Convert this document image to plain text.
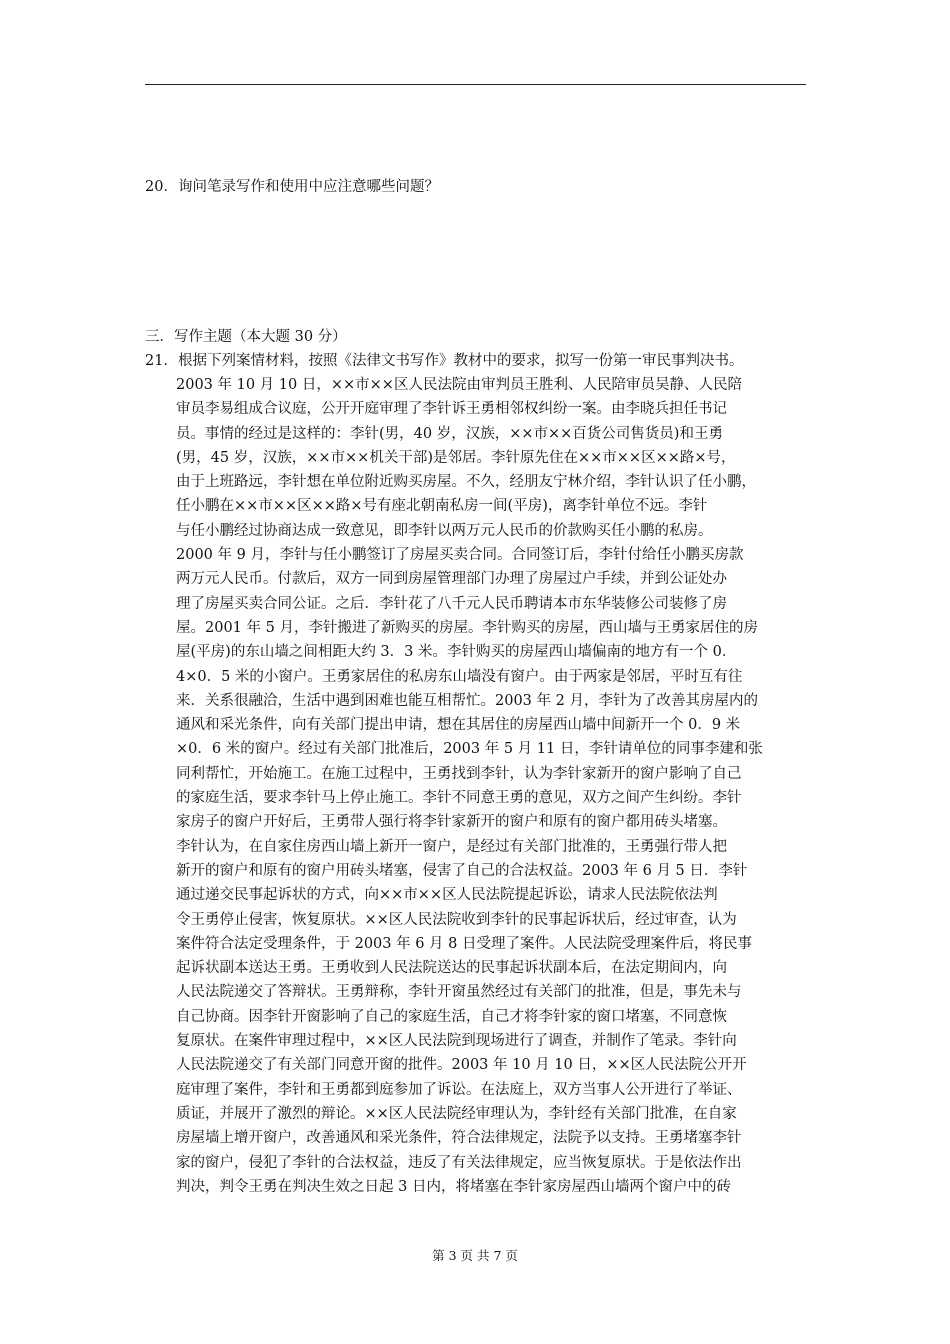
20．询问笔录写作和使用中应注意哪些问题？
三．写作主题（本大题 30 分）
21．根据下列案情材料，按照《法律文书写作》教材中的要求，拟写一份第一审民事判决书。
2003 年 10 月 10 日，××市××区人民法院由审判员王胜利、人民陪审员吴静、人民陪
审员李易组成合议庭，公开开庭审理了李针诉王勇相邻权纠纷一案。由李晓兵担任书记
员。事情的经过是这样的：李针(男，40 岁，汉族，××市××百货公司售货员)和王勇
(男，45 岁，汉族，××市××机关干部)是邻居。李针原先住在××市××区××路×号，
由于上班路远，李针想在单位附近购买房屋。不久，经朋友宁林介绍，李针认识了任小鹏，
任小鹏在××市××区××路×号有座北朝南私房一间(平房)，离李针单位不远。李针
与任小鹏经过协商达成一致意见，即李针以两万元人民币的价款购买任小鹏的私房。
2000 年 9 月，李针与任小鹏签订了房屋买卖合同。合同签订后，李针付给任小鹏买房款
两万元人民币。付款后，双方一同到房屋管理部门办理了房屋过户手续，并到公证处办
理了房屋买卖合同公证。之后．李针花了八千元人民币聘请本市东华装修公司装修了房
屋。2001 年 5 月，李针搬进了新购买的房屋。李针购买的房屋，西山墙与王勇家居住的房
屋(平房)的东山墙之间相距大约 3．3 米。李针购买的房屋西山墙偏南的地方有一个 0．
4×0．5 米的小窗户。王勇家居住的私房东山墙没有窗户。由于两家是邻居，平时互有往
来．关系很融洽，生活中遇到困难也能互相帮忙。2003 年 2 月，李针为了改善其房屋内的
通风和采光条件，向有关部门提出申请，想在其居住的房屋西山墙中间新开一个 0．9 米
×0．6 米的窗户。经过有关部门批准后，2003 年 5 月 11 日，李针请单位的同事李建和张
同利帮忙，开始施工。在施工过程中，王勇找到李针，认为李针家新开的窗户影响了自己
的家庭生活，要求李针马上停止施工。李针不同意王勇的意见，双方之间产生纠纷。李针
家房子的窗户开好后，王勇带人强行将李针家新开的窗户和原有的窗户都用砖头堵塞。
李针认为，在自家住房西山墙上新开一窗户，是经过有关部门批准的，王勇强行带人把
新开的窗户和原有的窗户用砖头堵塞，侵害了自己的合法权益。2003 年 6 月 5 日．李针
通过递交民事起诉状的方式，向××市××区人民法院提起诉讼，请求人民法院依法判
令王勇停止侵害，恢复原状。××区人民法院收到李针的民事起诉状后，经过审查，认为
案件符合法定受理条件，于 2003 年 6 月 8 日受理了案件。人民法院受理案件后，将民事
起诉状副本送达王勇。王勇收到人民法院送达的民事起诉状副本后，在法定期间内，向
人民法院递交了答辩状。王勇辩称，李针开窗虽然经过有关部门的批准，但是，事先未与
自己协商。因李针开窗影响了自己的家庭生活，自己才将李针家的窗口堵塞，不同意恢
复原状。在案件审理过程中，××区人民法院到现场进行了调查，并制作了笔录。李针向
人民法院递交了有关部门同意开窗的批件。2003 年 10 月 10 日，××区人民法院公开开
庭审理了案件，李针和王勇都到庭参加了诉讼。在法庭上，双方当事人公开进行了举证、
质证，并展开了激烈的辩论。××区人民法院经审理认为，李针经有关部门批准，在自家
房屋墙上增开窗户，改善通风和采光条件，符合法律规定，法院予以支持。王勇堵塞李针
家的窗户，侵犯了李针的合法权益，违反了有关法律规定，应当恢复原状。于是依法作出
判决，判令王勇在判决生效之日起 3 日内，将堵塞在李针家房屋西山墙两个窗户中的砖
第 3 页 共 7 页
